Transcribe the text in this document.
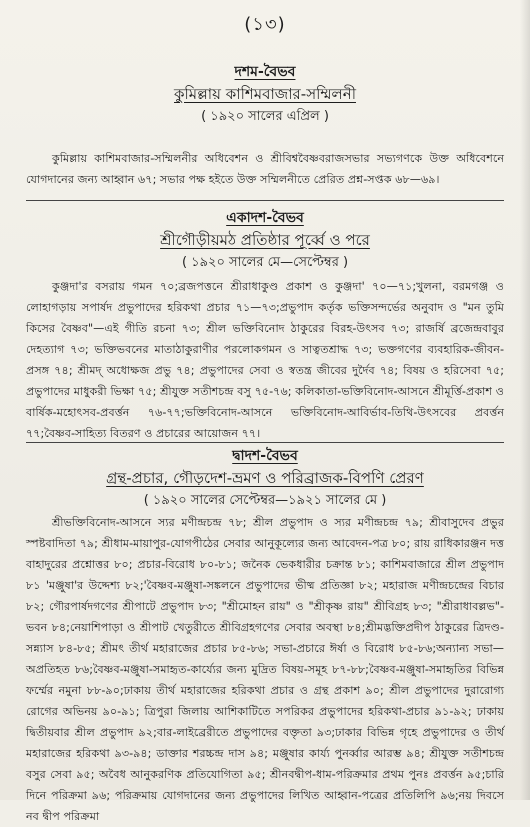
(১৩)
দশম-বৈভব
কুমিল্লায় কাশিমবাজার-সম্মিলনী
( ১৯২০ সালের এপ্রিল )

কুমিল্লায় কাশিমবাজার-সম্মিলনীর অধিবেশন ও শ্রীবিশ্ববৈষ্ণবরাজসভার সভ্যগণকে উক্ত অধিবেশনে যোগদানের জন্য আহ্বান ৬৭; সভার পক্ষ হইতে উক্ত সম্মিলনীতে প্রেরিত প্রশ্ন-সপ্তক ৬৮—৬৯।

একাদশ-বৈভব
শ্রীগৌড়ীয়মঠ প্রতিষ্ঠার পূর্ব্বে ও পরে
( ১৯২০ সালের মে—সেপ্টেম্বর )

কুঞ্জদা'র বসরায় গমন ৭০;ব্রজপত্তনে শ্রীরাধাকুণ্ড প্রকাশ ও কুঞ্জদা' ৭০—৭১;খুলনা, বরমগঞ্জ ও লোহাগড়ায় সপার্ষদ প্রভুপাদের হরিকথা প্রচার ৭১—৭৩;প্রভুপাদ কর্তৃক ভক্তিসন্দর্ভের অনুবাদ ও "মন তুমি কিসের বৈষ্ণব"—এই গীতি রচনা ৭৩; শ্রীল ভক্তিবিনোদ ঠাকুরের বিরহ-উৎসব ৭৩; রাজর্ষি ব্রজেন্দ্রবাবুর দেহত্যাগ ৭৩; ভক্তিভবনের মাতাঠাকুরাণীর পরলোকগমন ও সাত্বতশ্রাদ্ধ ৭৩; ভক্তগণের ব্যবহারিক-জীবন-প্রসঙ্গ ৭৪; শ্রীমদ্ অধোক্ষজ প্রভু ৭৪; প্রভুপাদের সেবা ও স্বতন্ত্র জীবের দুর্দৈব ৭৪; বিষয় ও হরিসেবা ৭৫; প্রভুপাদের মাধুকরী ভিক্ষা ৭৫; শ্রীযুক্ত সতীশচন্দ্র বসু ৭৫-৭৬; কলিকাতা-ভক্তিবিনোদ-আসনে শ্রীমূর্ত্তি-প্রকাশ ও বার্ষিক-মহোৎসব-প্রবর্ত্তন ৭৬-৭৭;ভক্তিবিনোদ-আসনে ভক্তিবিনোদ-আবির্ভাব-তিথি-উৎসবের প্রবর্ত্তন ৭৭;বৈষ্ণব-সাহিত্য বিতরণ ও প্রচারের আয়োজন ৭৭।

দ্বাদশ-বৈভব
গ্রন্থ-প্রচার, গৌড়দেশ-ভ্রমণ ও পরিব্রাজক-বিপণি প্রেরণ
( ১৯২০ সালের সেপ্টেম্বর—১৯২১ সালের মে )

শ্রীভক্তিবিনোদ-আসনে স্যর মণীন্দ্রচন্দ্র ৭৮; শ্রীল প্রভুপাদ ও স্যর মণীন্দ্রচন্দ্র ৭৯; শ্রীবাসুদেব প্রভুর স্পষ্টবাদিতা ৭৯; শ্রীধাম-মায়াপুর-যোগপীঠের সেবার আনুকূল্যের জন্য আবেদন-পত্র ৮০; রায় রাধিকারঞ্জন দত্ত বাহাদুরের প্রশ্নোত্তর ৮০; প্রচার-বিরোধ ৮০-৮১; জনৈক ভেকধারীর চক্রান্ত ৮১; কাশিমবাজারে শ্রীল প্রভুপাদ ৮১ 'মঞ্জুষা'র উদ্দেশ্য ৮২;'বৈষ্ণব-মঞ্জুষা-সঙ্কলনে প্রভুপাদের ভীষ্ম প্রতিজ্ঞা ৮২; মহারাজ মণীন্দ্রচন্দ্রের বিচার ৮২; গৌরপার্ষদগণের শ্রীপাটে প্রভুপাদ ৮৩; "শ্রীমোহন রায়" ও "শ্রীকৃষ্ণ রায়" শ্রীবিগ্রহ ৮৩; "শ্রীরাধাবল্লভ"-ভবন ৮৪;নেয়াশিপাড়া ও শ্রীপাট খেতুরীতে শ্রীবিগ্রহগণের সেবার অবস্থা ৮৪;শ্রীমদ্ভক্তিপ্রদীপ ঠাকুরের ত্রিদণ্ড-সন্ন্যাস ৮৪-৮৫; শ্রীমৎ তীর্থ মহারাজের প্রচার ৮৫-৮৬; সভা-প্রচারে ঈর্ষা ও বিরোধ ৮৫-৮৬;অন্যান্য সভা—অপ্রতিহত ৮৬;বৈষ্ণব-মঞ্জুষা-সমাহৃত-কার্য্যের জন্য মুদ্রিত বিষয়-সমূহ ৮৭-৮৮;বৈষ্ণব-মঞ্জুষা-সমাহৃতির বিভিন্ন ফর্ম্মের নমুনা ৮৮-৯০;ঢাকায় তীর্থ মহারাজের হরিকথা প্রচার ও গ্রন্থ প্রকাশ ৯০; শ্রীল প্রভুপাদের দুরারোগ্য রোগের অভিনয় ৯০-৯১; ত্রিপুরা জিলায় আশিকাটিতে সপরিকর প্রভুপাদের হরিকথা-প্রচার ৯১-৯২; ঢাকায় দ্বিতীয়বার শ্রীল প্রভুপাদ ৯২;বার-লাইব্রেরীতে প্রভুপাদের বক্তৃতা ৯৩;ঢাকার বিভিন্ন গৃহে প্রভুপাদের ও তীর্থ মহারাজের হরিকথা ৯৩-৯৪; ডাক্তার শরচ্চন্দ্র দাস ৯৪; মঞ্জুষার কার্য্য পুনর্ব্বার আরম্ভ ৯৪; শ্রীযুক্ত সতীশচন্দ্র বসুর সেবা ৯৫; অবৈধ আনুকরণিক প্রতিযোগিতা ৯৫; শ্রীনবদ্বীপ-ধাম-পরিক্রমার প্রথম পুনঃ প্রবর্ত্তন ৯৫;চারি দিনে পরিক্রমা ৯৬; পরিক্রমায় যোগদানের জন্য প্রভুপাদের লিখিত আহ্বান-পত্রের প্রতিলিপি ৯৬;নয় দিবসে নব দ্বীপ পরিক্রমা
